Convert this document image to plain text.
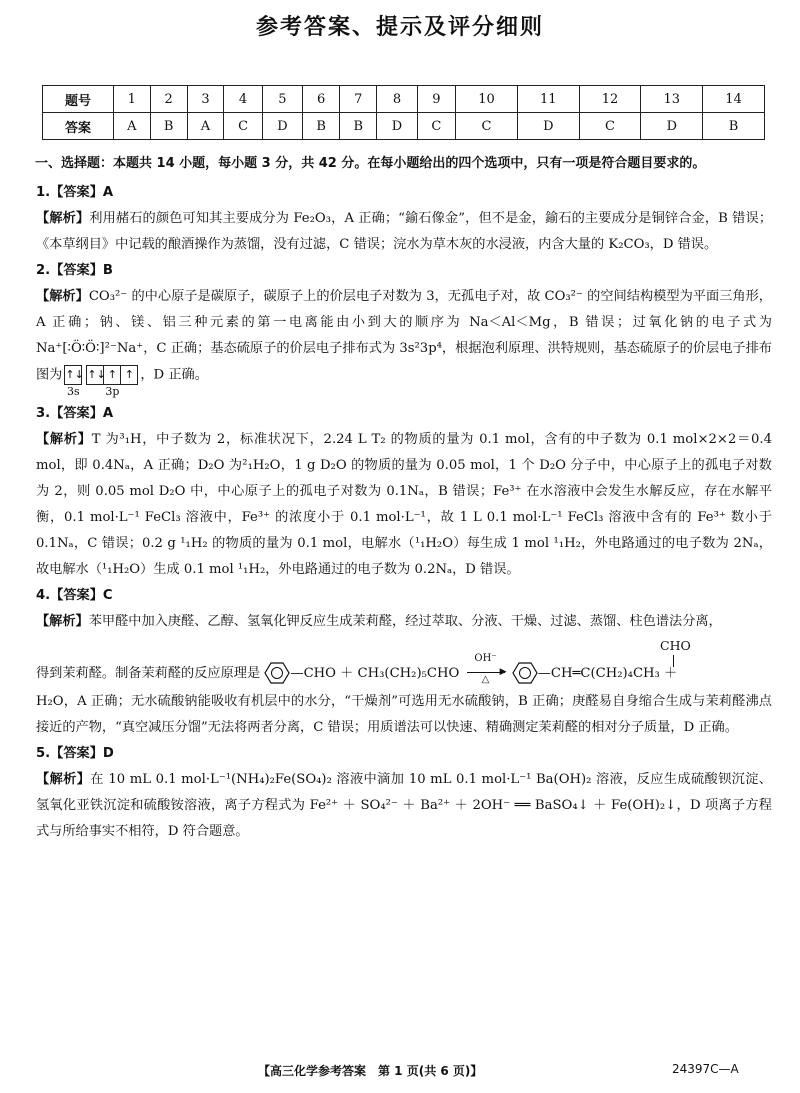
参考答案、提示及评分细则
题号	1	2	3	4	5	6	7	8	9	10	11	12	13	14
答案	A	B	A	C	D	B	B	D	C	C	D	C	D	B
一、选择题：本题共 14 小题，每小题 3 分，共 42 分。在每小题给出的四个选项中，只有一项是符合题目要求的。

1.【答案】A

【解析】利用赭石的颜色可知其主要成分为 Fe₂O₃，A 正确；“鍮石像金”，但不是金，鍮石的主要成分是铜锌合金，B 错误；《本草纲目》中记载的酿酒操作为蒸馏，没有过滤，C 错误；浣水为草木灰的水浸液，内含大量的 K₂CO₃，D 错误。

2.【答案】B

【解析】CO₃²⁻ 的中心原子是碳原子，碳原子上的价层电子对数为 3，无孤电子对，故 CO₃²⁻ 的空间结构模型为平面三角形，A 正确；钠、镁、铝三种元素的第一电离能由小到大的顺序为 Na＜Al＜Mg，B 错误；过氧化钠的电子式为 Na⁺[∶Ö∶Ö∶]²⁻Na⁺，C 正确；基态硫原子的价层电子排布式为 3s²3p⁴，根据泡利原理、洪特规则，基态硫原子的价层电子排布图为 ↑↓
3s
↑↓ ↑ ↑
3p
，D 正确。

3.【答案】A

【解析】T 为³₁H，中子数为 2，标准状况下，2.24 L T₂ 的物质的量为 0.1 mol，含有的中子数为 0.1 mol×2×2＝0.4 mol，即 0.4Nₐ，A 正确；D₂O 为²₁H₂O，1 g D₂O 的物质的量为 0.05 mol，1 个 D₂O 分子中，中心原子上的孤电子对数为 2，则 0.05 mol D₂O 中，中心原子上的孤电子对数为 0.1Nₐ，B 错误；Fe³⁺ 在水溶液中会发生水解反应，存在水解平衡，0.1 mol·L⁻¹ FeCl₃ 溶液中，Fe³⁺ 的浓度小于 0.1 mol·L⁻¹，故 1 L 0.1 mol·L⁻¹ FeCl₃ 溶液中含有的 Fe³⁺ 数小于 0.1Nₐ，C 错误；0.2 g ¹₁H₂ 的物质的量为 0.1 mol，电解水（¹₁H₂O）每生成 1 mol ¹₁H₂，外电路通过的电子数为 2Nₐ，故电解水（¹₁H₂O）生成 0.1 mol ¹₁H₂，外电路通过的电子数为 0.2Nₐ，D 错误。

4.【答案】C

【解析】苯甲醛中加入庚醛、乙醇、氢氧化钾反应生成茉莉醛，经过萃取、分液、干燥、过滤、蒸馏、柱色谱法分离，

CHO
得到茉莉醛。制备茉莉醛的反应原理是 —CHO ＋ CH₃(CH₂)₅CHO
OH⁻
▶
△	—CH═C(CH₂)₄CH₃ ＋

H₂O，A 正确；无水硫酸钠能吸收有机层中的水分，“干燥剂”可选用无水硫酸钠，B 正确；庚醛易自身缩合生成与茉莉醛沸点接近的产物，“真空减压分馏”无法将两者分离，C 错误；用质谱法可以快速、精确测定茉莉醛的相对分子质量，D 正确。

5.【答案】D

【解析】在 10 mL 0.1 mol·L⁻¹(NH₄)₂Fe(SO₄)₂ 溶液中滴加 10 mL 0.1 mol·L⁻¹ Ba(OH)₂ 溶液，反应生成硫酸钡沉淀、氢氧化亚铁沉淀和硫酸铵溶液，离子方程式为 Fe²⁺ ＋ SO₄²⁻ ＋ Ba²⁺ ＋ 2OH⁻ ══ BaSO₄↓ ＋ Fe(OH)₂↓，D 项离子方程式与所给事实不相符，D 符合题意。

【高三化学参考答案　第 1 页(共 6 页)】	24397C—A
